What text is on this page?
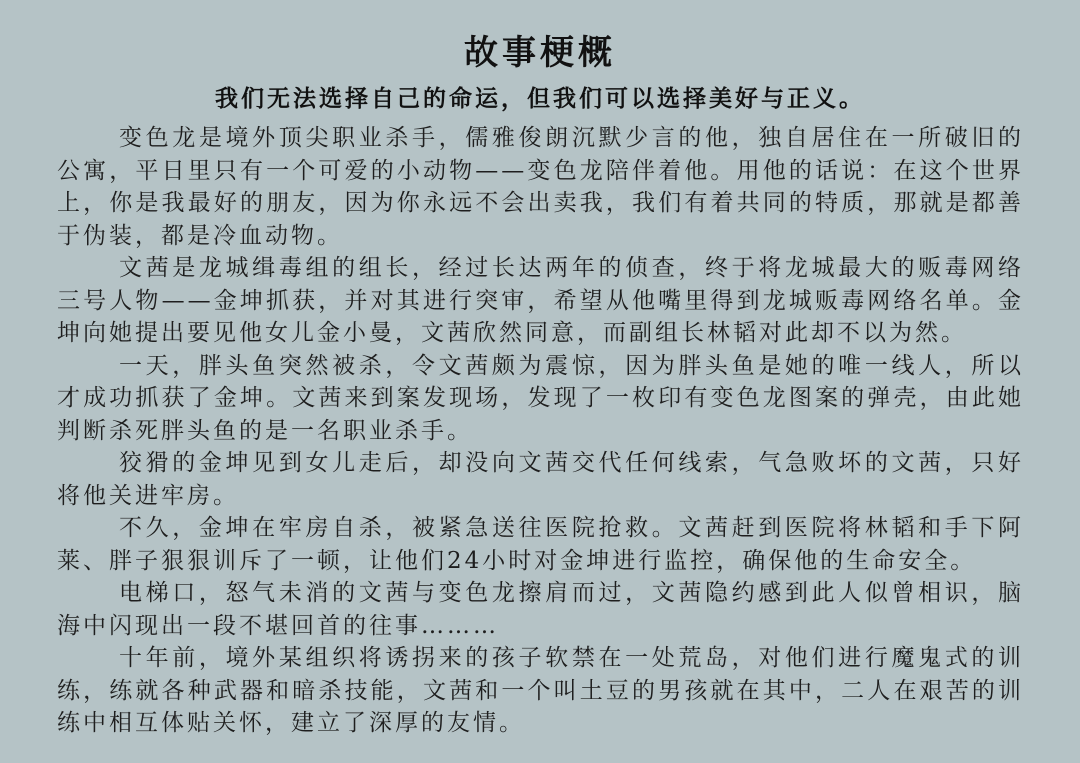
故事梗概
我们无法选择自己的命运，但我们可以选择美好与正义。

变色龙是境外顶尖职业杀手，儒雅俊朗沉默少言的他，独自居住在一所破旧的公寓，平日里只有一个可爱的小动物——变色龙陪伴着他。用他的话说：在这个世界上，你是我最好的朋友，因为你永远不会出卖我，我们有着共同的特质，那就是都善于伪装，都是冷血动物。

文茜是龙城缉毒组的组长，经过长达两年的侦查，终于将龙城最大的贩毒网络三号人物——金坤抓获，并对其进行突审，希望从他嘴里得到龙城贩毒网络名单。金坤向她提出要见他女儿金小曼，文茜欣然同意，而副组长林韬对此却不以为然。

一天，胖头鱼突然被杀，令文茜颇为震惊，因为胖头鱼是她的唯一线人，所以才成功抓获了金坤。文茜来到案发现场，发现了一枚印有变色龙图案的弹壳，由此她判断杀死胖头鱼的是一名职业杀手。

狡猾的金坤见到女儿走后，却没向文茜交代任何线索，气急败坏的文茜，只好将他关进牢房。

不久，金坤在牢房自杀，被紧急送往医院抢救。文茜赶到医院将林韬和手下阿莱、胖子狠狠训斥了一顿，让他们24小时对金坤进行监控，确保他的生命安全。

电梯口，怒气未消的文茜与变色龙擦肩而过，文茜隐约感到此人似曾相识，脑海中闪现出一段不堪回首的往事………

十年前，境外某组织将诱拐来的孩子软禁在一处荒岛，对他们进行魔鬼式的训练，练就各种武器和暗杀技能，文茜和一个叫土豆的男孩就在其中，二人在艰苦的训练中相互体贴关怀，建立了深厚的友情。
